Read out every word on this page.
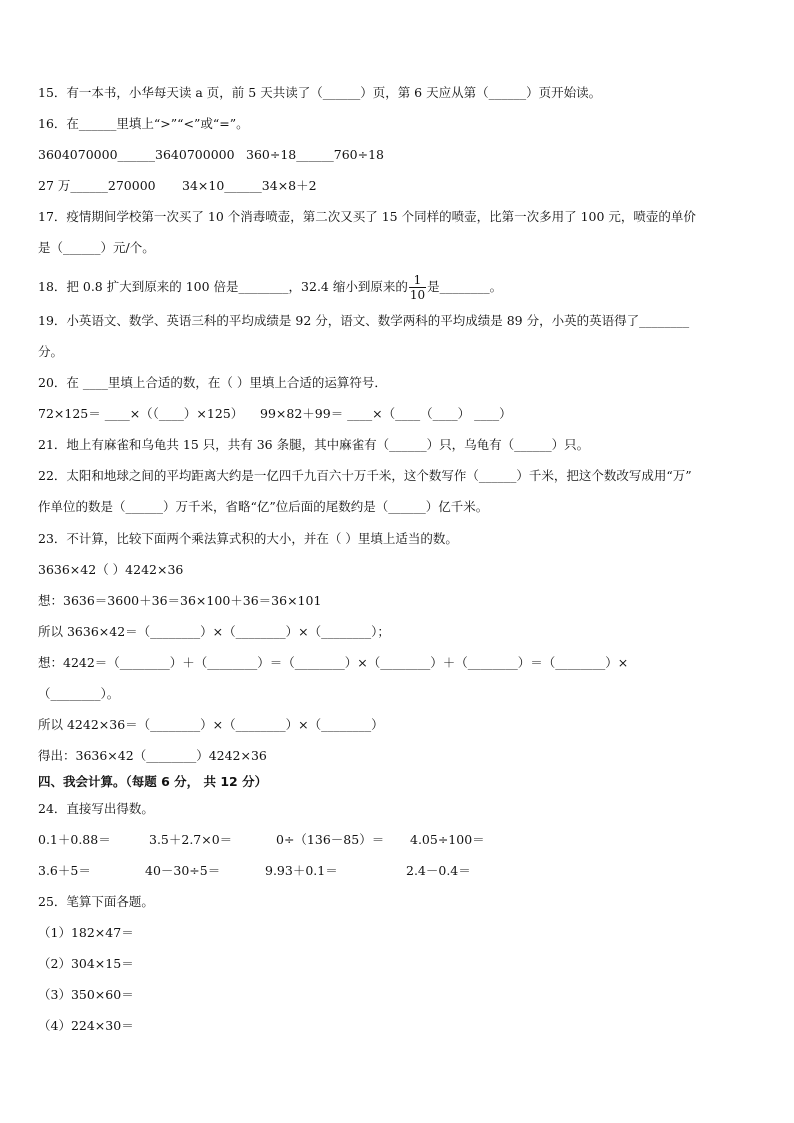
15．有一本书，小华每天读 a 页，前 5 天共读了（______）页，第 6 天应从第（______）页开始读。
16．在______里填上“>”“<”或“=”。
3604070000______3640700000 360÷18______760÷18
27 万______270000 34×10______34×8＋2
17．疫情期间学校第一次买了 10 个消毒喷壶，第二次又买了 15 个同样的喷壶，比第一次多用了 100 元，喷壶的单价
是（______）元/个。
18．把 0.8 扩大到原来的 100 倍是________，32.4 缩小到原来的 $\frac{1}{10}$ 是________。
19．小英语文、数学、英语三科的平均成绩是 92 分，语文、数学两科的平均成绩是 89 分，小英的英语得了________
分。
20．在 ____里填上合适的数，在（ ）里填上合适的运算符号．
72×125＝ ____×（（____）×125） 99×82＋99＝ ____×（____（____） ____）
21．地上有麻雀和乌龟共 15 只，共有 36 条腿，其中麻雀有（______）只，乌龟有（______）只。
22．太阳和地球之间的平均距离大约是一亿四千九百六十万千米，这个数写作（______）千米，把这个数改写成用“万”
作单位的数是（______）万千米，省略“亿”位后面的尾数约是（______）亿千米。
23．不计算，比较下面两个乘法算式积的大小，并在（ ）里填上适当的数。
3636×42（ ）4242×36
想：3636＝3600＋36＝36×100＋36＝36×101
所以 3636×42＝（________）×（________）×（________）；
想：4242＝（________）＋（________）＝（________）×（________）＋（________）＝（________）×
（________）。
所以 4242×36＝（________）×（________）×（________）
得出：3636×42（________）4242×36
四、我会计算。（每题 6 分， 共 12 分）
24．直接写出得数。
0.1＋0.88＝	3.5＋2.7×0＝	0÷（136－85）＝ 4.05÷100＝
3.6＋5＝	40－30÷5＝	9.93＋0.1＝	2.4－0.4＝
25．笔算下面各题。
（1）182×47＝
（2）304×15＝
（3）350×60＝
（4）224×30＝
